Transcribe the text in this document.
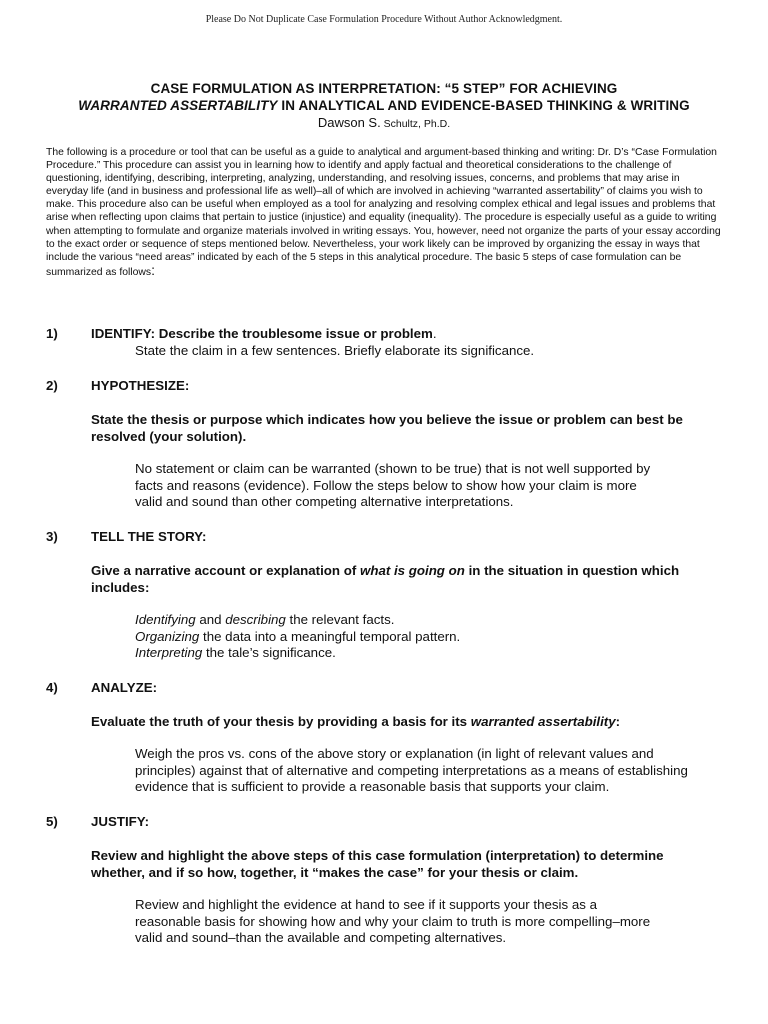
Please Do Not Duplicate Case Formulation Procedure Without Author Acknowledgment.
CASE FORMULATION AS INTERPRETATION: “5 STEP” FOR ACHIEVING
WARRANTED ASSERTABILITY IN ANALYTICAL AND EVIDENCE-BASED THINKING & WRITING
Dawson S. Schultz, Ph.D.
The following is a procedure or tool that can be useful as a guide to analytical and argument-based thinking and writing: Dr. D’s “Case Formulation Procedure.” This procedure can assist you in learning how to identify and apply factual and theoretical considerations to the challenge of questioning, identifying, describing, interpreting, analyzing, understanding, and resolving issues, concerns, and problems that may arise in everyday life (and in business and professional life as well)–all of which are involved in achieving “warranted assertability” of claims you wish to make. This procedure also can be useful when employed as a tool for analyzing and resolving complex ethical and legal issues and problems that arise when reflecting upon claims that pertain to justice (injustice) and equality (inequality). The procedure is especially useful as a guide to writing when attempting to formulate and organize materials involved in writing essays. You, however, need not organize the parts of your essay according to the exact order or sequence of steps mentioned below. Nevertheless, your work likely can be improved by organizing the essay in ways that include the various “need areas” indicated by each of the 5 steps in this analytical procedure. The basic 5 steps of case formulation can be summarized as follows:
1) IDENTIFY: Describe the troublesome issue or problem.
State the claim in a few sentences. Briefly elaborate its significance.
2) HYPOTHESIZE:
State the thesis or purpose which indicates how you believe the issue or problem can best be resolved (your solution).
No statement or claim can be warranted (shown to be true) that is not well supported by
facts and reasons (evidence). Follow the steps below to show how your claim is more
valid and sound than other competing alternative interpretations.
3) TELL THE STORY:
Give a narrative account or explanation of what is going on in the situation in question which includes:
Identifying and describing the relevant facts.
Organizing the data into a meaningful temporal pattern.
Interpreting the tale’s significance.
4) ANALYZE:
Evaluate the truth of your thesis by providing a basis for its warranted assertability:
Weigh the pros vs. cons of the above story or explanation (in light of relevant values and
principles) against that of alternative and competing interpretations as a means of establishing
evidence that is sufficient to provide a reasonable basis that supports your claim.
5) JUSTIFY:
Review and highlight the above steps of this case formulation (interpretation) to determine whether, and if so how, together, it “makes the case” for your thesis or claim.
Review and highlight the evidence at hand to see if it supports your thesis as a
reasonable basis for showing how and why your claim to truth is more compelling–more
valid and sound–than the available and competing alternatives.
